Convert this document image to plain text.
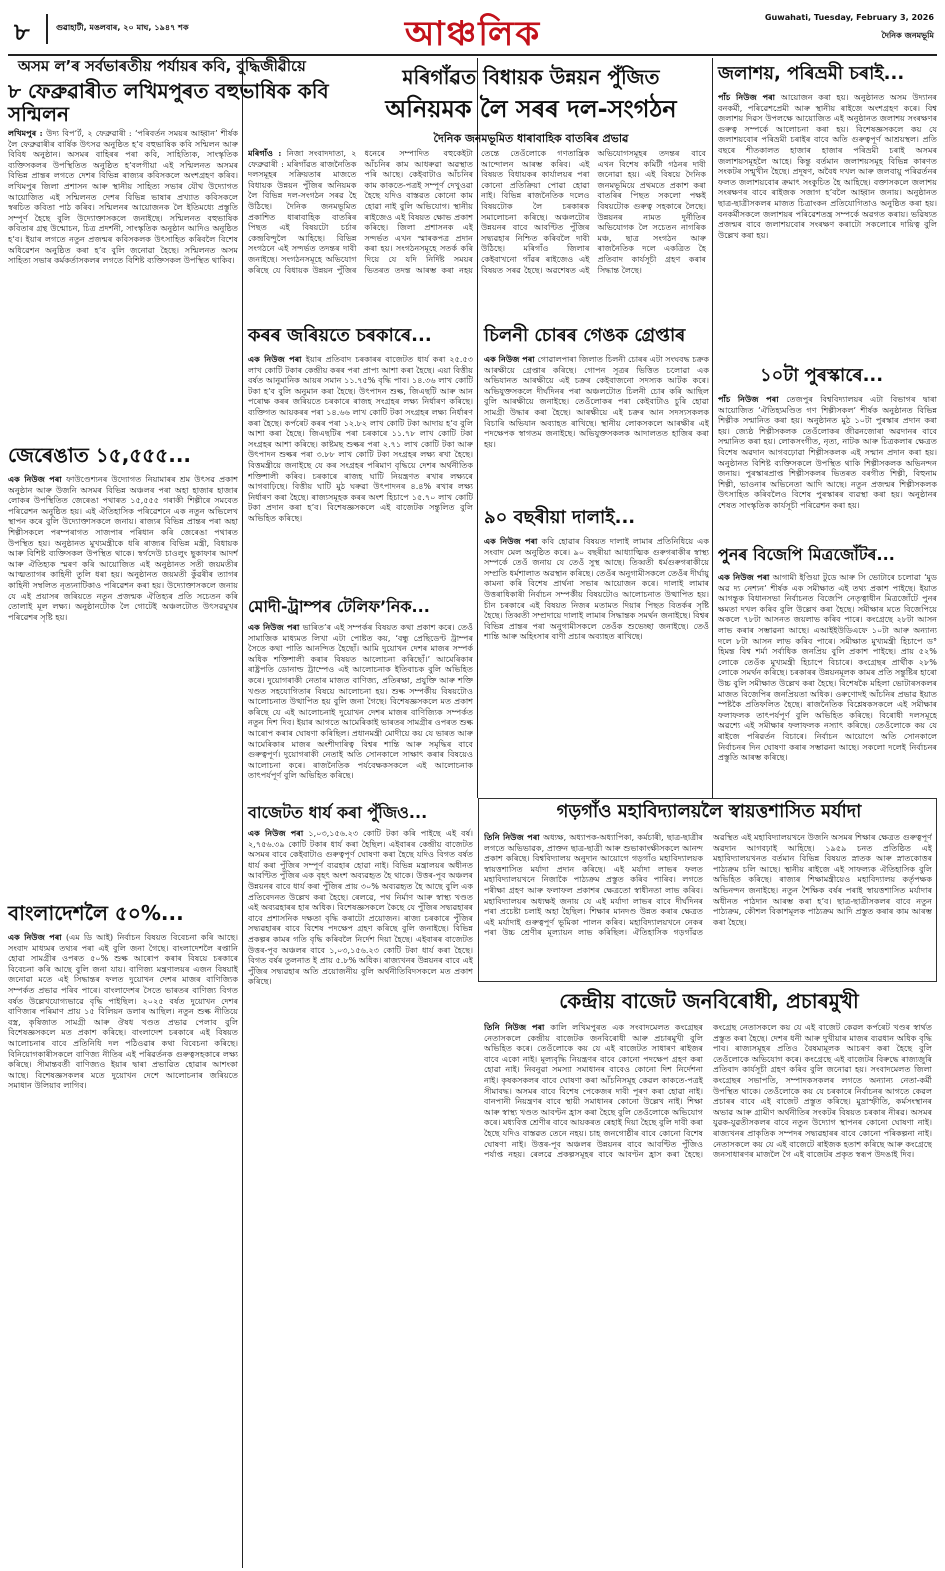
৮	গুৱাহাটী, মঙলবাৰ, ২০ মাঘ, ১৯৪৭ শক	আঞ্চলিক	Guwahati, Tuesday, February 3, 2026
দৈনিক জনমভূমি
অসম ল’ৰ সৰ্বভাৰতীয় পৰ্যায়ৰ কবি, বুদ্ধিজীৱীয়ে
৮ ফেব্ৰুৱাৰীত লখিমপুৰত বহুভাষিক কবি সন্মিলন
লখিমপুৰ : উদ্য বিপ’ৰ্ট, ২ ফেব্ৰুৱাৰী : ‘পৰিবৰ্তন সময়ৰ আহ্বান’ শীৰ্ষক লৈ ফেব্ৰুৱাৰীৰ বাৰ্ষিক উৎসৱ অনুষ্ঠিত হ’ব বহুভাষিক কবি সন্মিলন আৰু বিবিধ অনুষ্ঠান। অসমৰ বাহিৰৰ পৰা কবি, সাহিত্যিক, সাংস্কৃতিক ব্যক্তিসকলৰ উপস্থিতিত অনুষ্ঠিত হ’বলগীয়া এই সন্মিলনত অসমৰ বিভিন্ন প্ৰান্তৰ লগতে দেশৰ বিভিন্ন ৰাজ্যৰ কবিসকলে অংশগ্ৰহণ কৰিব। লখিমপুৰ জিলা প্ৰশাসন আৰু স্থানীয় সাহিত্য সভাৰ যৌথ উদ্যোগত আয়োজিত এই সন্মিলনত দেশৰ বিভিন্ন ভাষাৰ প্ৰখ্যাত কবিসকলে স্বৰচিত কবিতা পাঠ কৰিব। সন্মিলনৰ আয়োজনক লৈ ইতিমধ্যে প্ৰস্তুতি সম্পূৰ্ণ হৈছে বুলি উদ্যোক্তাসকলে জনাইছে। সন্মিলনত বহুভাষিক কবিতাৰ গ্ৰন্থ উন্মোচন, চিত্ৰ প্ৰদৰ্শনী, সাংস্কৃতিক অনুষ্ঠান আদিও অনুষ্ঠিত হ’ব। ইয়াৰ লগতে নতুন প্ৰজন্মৰ কবিসকলক উৎসাহিত কৰিবলৈ বিশেষ অধিৱেশন অনুষ্ঠিত কৰা হ’ব বুলি জনোৱা হৈছে। সন্মিলনত অসম সাহিত্য সভাৰ কৰ্মকৰ্তাসকলৰ লগতে বিশিষ্ট ব্যক্তিসকল উপস্থিত থাকিব।
জেৰেঙাত ১৫,৫৫৫...
এক নিউজ পৰা ফাউণ্ডেশ্যনৰ উদ্যোগত নিয়ামাৰৰ শ্ৰম উৎসৱ প্ৰকাশ অনুষ্ঠান আৰু উজনি অসমৰ বিভিন্ন অঞ্চলৰ পৰা অহা হাজাৰ হাজাৰ লোকৰ উপস্থিতিত জেৰেঙা পথাৰত ১৫,৫৫৫ গৰাকী শিল্পীৰে সমবেত পৰিৱেশন অনুষ্ঠিত হয়। এই ঐতিহাসিক পৰিৱেশনে এক নতুন অভিলেখ স্থাপন কৰে বুলি উদ্যোক্তাসকলে জনায়। ৰাজ্যৰ বিভিন্ন প্ৰান্তৰ পৰা অহা শিল্পীসকলে পৰম্পৰাগত সাজপাৰ পৰিধান কৰি জেৰেঙা পথাৰত উপস্থিত হয়। অনুষ্ঠানত মুখ্যমন্ত্ৰীকে ধৰি ৰাজ্যৰ বিভিন্ন মন্ত্ৰী, বিধায়ক আৰু বিশিষ্ট ব্যক্তিসকল উপস্থিত থাকে। স্বৰ্গদেউ চাওলুং ছুকাফাৰ আদৰ্শ আৰু ঐতিহ্যক স্মৰণ কৰি আয়োজিত এই অনুষ্ঠানত সতী জয়মতীৰ আত্মত্যাগৰ কাহিনী তুলি ধৰা হয়। অনুষ্ঠানত জয়মতী কুঁৱৰীৰ ত্যাগৰ কাহিনী সম্বলিত নৃত্যনাটিকাও পৰিৱেশন কৰা হয়। উদ্যোক্তাসকলে জনায় যে এই প্ৰয়াসৰ জৰিয়তে নতুন প্ৰজন্মক ঐতিহ্যৰ প্ৰতি সচেতন কৰি তোলাই মূল লক্ষ্য। অনুষ্ঠানটোক লৈ গোটেই অঞ্চলটোত উৎসৱমুখৰ পৰিৱেশৰ সৃষ্টি হয়।
বাংলাদেশলৈ ৫০%...
এক নিউজ পৰা (এম ডি আই) নিৰ্বাচন বিষয়ত বিবেচনা কৰি আছে। সংবাদ মাধ্যমৰ তথ্যৰ পৰা এই বুলি জনা গৈছে। বাংলাদেশলৈ ৰপ্তানি হোৱা সামগ্ৰীৰ ওপৰত ৫০% শুল্ক আৰোপ কৰাৰ বিষয়ে চৰকাৰে বিবেচনা কৰি আছে বুলি জনা যায়। বাণিজ্য মন্ত্ৰণালয়ৰ এজন বিষয়াই জনোৱা মতে এই সিদ্ধান্তৰ ফলত দুয়োখন দেশৰ মাজৰ বাণিজ্যিক সম্পৰ্কত প্ৰভাৱ পৰিব পাৰে। বাংলাদেশৰ সৈতে ভাৰতৰ বাণিজ্য বিগত বৰ্ষত উল্লেখযোগ্যভাৱে বৃদ্ধি পাইছিল। ২০২৫ বৰ্ষত দুয়োখন দেশৰ বাণিজ্যৰ পৰিমাণ প্ৰায় ১৫ বিলিয়ন ডলাৰ আছিল। নতুন শুল্ক নীতিয়ে বস্ত্ৰ, কৃষিজাত সামগ্ৰী আৰু ঔষধ খণ্ডত প্ৰভাৱ পেলাব বুলি বিশেষজ্ঞসকলে মত প্ৰকাশ কৰিছে। বাংলাদেশ চৰকাৰে এই বিষয়ত আলোচনাৰ বাবে প্ৰতিনিধি দল পঠিওৱাৰ কথা বিবেচনা কৰিছে। বিনিয়োগকাৰীসকলে বাণিজ্য নীতিৰ এই পৰিৱৰ্তনক গুৰুত্বসহকাৰে লক্ষ্য কৰিছে। সীমান্তবৰ্তী বাণিজ্যও ইয়াৰ দ্বাৰা প্ৰভাৱিত হোৱাৰ আশংকা আছে। বিশেষজ্ঞসকলৰ মতে দুয়োখন দেশে আলোচনাৰ জৰিয়তে সমাধান উলিয়াব লাগিব।
মৰিগাঁৱত বিধায়ক উন্নয়ন পুঁজিত
অনিয়মক লৈ সৰৰ দল-সংগঠন
দৈনিক জনমভূমিত ধাৰাবাহিক বাতৰিৰ প্ৰভাৱ
মৰিগাঁও : নিজা সংবাদদাতা, ২ ফেব্ৰুৱাৰী : মৰিগাঁৱত ৰাজনৈতিক দলসমূহৰ সক্ৰিয়তাৰ মাজতে বিধায়ক উন্নয়ন পুঁজিৰ অনিয়মক লৈ বিভিন্ন দল-সংগঠন সৰৱ হৈ উঠিছে। দৈনিক জনমভূমিত প্ৰকাশিত ধাৰাবাহিক বাতৰিৰ পিছত এই বিষয়টো চৰ্চাৰ কেন্দ্ৰবিন্দুলৈ আহিছে। বিভিন্ন সংগঠনে এই সন্দৰ্ভত তদন্তৰ দাবী জনাইছে। সংগঠনসমূহে অভিযোগ কৰিছে যে বিধায়ক উন্নয়ন পুঁজিৰ ধনেৰে সম্পাদিত বহুকেইটা আঁচনিৰ কাম আধৰুৱা অৱস্থাত পৰি আছে। কেইবাটাও আঁচনিৰ কাম কাকতে-পত্ৰই সম্পূৰ্ণ দেখুওৱা হৈছে যদিও বাস্তৱত কোনো কাম হোৱা নাই বুলি অভিযোগ। স্থানীয় ৰাইজেও এই বিষয়ত ক্ষোভ প্ৰকাশ কৰিছে। জিলা প্ৰশাসনক এই সন্দৰ্ভত এখন স্মাৰকপত্ৰ প্ৰদান কৰা হয়। সংগঠনসমূহে সতৰ্ক কৰি দিয়ে যে যদি নিৰ্দিষ্ট সময়ৰ ভিতৰত তদন্ত আৰম্ভ কৰা নহয় তেন্তে তেওঁলোকে গণতান্ত্ৰিক আন্দোলন আৰম্ভ কৰিব। এই বিষয়ত বিধায়কৰ কাৰ্যালয়ৰ পৰা কোনো প্ৰতিক্ৰিয়া পোৱা হোৱা নাই। বিভিন্ন ৰাজনৈতিক দলেও বিষয়টোক লৈ চৰকাৰক সমালোচনা কৰিছে। অঞ্চলটোৰ উন্নয়নৰ বাবে আবণ্টিত পুঁজিৰ সদ্ব্যৱহাৰ নিশ্চিত কৰিবলৈ দাবী উঠিছে। মৰিগাঁও জিলাৰ কেইবাখনো গাঁৱৰ ৰাইজেও এই বিষয়ত সৰৱ হৈছে। অৱশেষত এই অভিযোগসমূহৰ তদন্তৰ বাবে এখন বিশেষ কমিটী গঠনৰ দাবী জনোৱা হয়। এই বিষয়ে দৈনিক জনমভূমিয়ে প্ৰথমতে প্ৰকাশ কৰা বাতৰিৰ পিছত সকলো পক্ষই বিষয়টোক গুৰুত্ব সহকাৰে লৈছে। উন্নয়নৰ নামত দুৰ্নীতিৰ অভিযোগক লৈ সচেতন নাগৰিক মঞ্চ, ছাত্ৰ সংগঠন আৰু ৰাজনৈতিক দলে একত্ৰিত হৈ প্ৰতিবাদ কাৰ্যসূচী গ্ৰহণ কৰাৰ সিদ্ধান্ত লৈছে।
কৰৰ জৰিয়তে চৰকাৰে...
এক নিউজ পৰা ইয়াৰ প্ৰতিবাদ চৰকাৰৰ বাজেটত ধাৰ্য কৰা ২৫.৫৩ লাখ কোটি টকাৰ কেন্দ্ৰীয় কৰৰ পৰা প্ৰাপ্য আশা কৰা হৈছে। এয়া বিত্তীয় বৰ্ষত আনুমানিক আয়ৰ সমান ১১.৭৫% বৃদ্ধি পাব। ১৪.৩৬ লাখ কোটি টকা হ’ব বুলি অনুমান কৰা হৈছে। উৎপাদন শুল্ক, জিএছটি আৰু আন পৰোক্ষ কৰৰ জৰিয়তে চৰকাৰে ৰাজহ সংগ্ৰহৰ লক্ষ্য নিৰ্ধাৰণ কৰিছে। ব্যক্তিগত আয়কৰৰ পৰা ১৪.৬৬ লাখ কোটি টকা সংগ্ৰহৰ লক্ষ্য নিৰ্ধাৰণ কৰা হৈছে। কৰ্পৰেট কৰৰ পৰা ১২.৮২ লাখ কোটি টকা আদায় হ’ব বুলি আশা কৰা হৈছে। জিএছটিৰ পৰা চৰকাৰে ১১.৭৮ লাখ কোটি টকা সংগ্ৰহৰ আশা কৰিছে। কাষ্টমছ শুল্কৰ পৰা ২.৭১ লাখ কোটি টকা আৰু উৎপাদন শুল্কৰ পৰা ৩.৮৮ লাখ কোটি টকা সংগ্ৰহৰ লক্ষ্য ৰখা হৈছে। বিত্তমন্ত্ৰীয়ে জনাইছে যে কৰ সংগ্ৰহৰ পৰিমাণ বৃদ্ধিয়ে দেশৰ অৰ্থনীতিক শক্তিশালী কৰিব। চৰকাৰে ৰাজহ ঘাটি নিয়ন্ত্ৰণত ৰখাৰ লক্ষ্যৰে আগবাঢ়িছে। বিত্তীয় ঘাটি মুঠ ঘৰুৱা উৎপাদনৰ ৪.৪% ৰখাৰ লক্ষ্য নিৰ্ধাৰণ কৰা হৈছে। ৰাজ্যসমূহক কৰৰ অংশ হিচাপে ১৫.৭০ লাখ কোটি টকা প্ৰদান কৰা হ’ব। বিশেষজ্ঞসকলে এই বাজেটক সন্তুলিত বুলি অভিহিত কৰিছে।
মোদী-ট্ৰাম্পৰ টেলিফ’নিক...
এক নিউজ পৰা ভাৰিত’ৰ এই সম্পৰ্কৰ বিষয়ত কথা প্ৰকাশ কৰে। তেওঁ সামাজিক মাধ্যমত লিখা এটা পোষ্টত কয়, ‘বন্ধু প্ৰেছিডেণ্ট ট্ৰাম্পৰ সৈতে কথা পাতি আনন্দিত হৈছোঁ। আমি দুয়োখন দেশৰ মাজৰ সম্পৰ্ক অধিক শক্তিশালী কৰাৰ বিষয়ত আলোচনা কৰিছোঁ।’ আমেৰিকাৰ ৰাষ্ট্ৰপতি ডোনাল্ড ট্ৰাম্পেও এই আলোচনাক ইতিবাচক বুলি অভিহিত কৰে। দুয়োগৰাকী নেতাৰ মাজত বাণিজ্য, প্ৰতিৰক্ষা, প্ৰযুক্তি আৰু শক্তি খণ্ডত সহযোগিতাৰ বিষয়ে আলোচনা হয়। শুল্ক সম্পৰ্কীয় বিষয়টোও আলোচনাত উত্থাপিত হয় বুলি জনা গৈছে। বিশেষজ্ঞসকলে মত প্ৰকাশ কৰিছে যে এই আলোচনাই দুয়োখন দেশৰ মাজৰ বাণিজ্যিক সম্পৰ্কত নতুন দিশ দিব। ইয়াৰ আগতে আমেৰিকাই ভাৰতৰ সামগ্ৰীৰ ওপৰত শুল্ক আৰোপ কৰাৰ ঘোষণা কৰিছিল। প্ৰধানমন্ত্ৰী মোদীয়ে কয় যে ভাৰত আৰু আমেৰিকাৰ মাজৰ অংশীদাৰিত্ব বিশ্বৰ শান্তি আৰু সমৃদ্ধিৰ বাবে গুৰুত্বপূৰ্ণ। দুয়োগৰাকী নেতাই অতি সোনকালে সাক্ষাৎ কৰাৰ বিষয়েও আলোচনা কৰে। ৰাজনৈতিক পৰ্যবেক্ষকসকলে এই আলোচনাক তাৎপৰ্যপূৰ্ণ বুলি অভিহিত কৰিছে।
বাজেটত ধাৰ্য কৰা পুঁজিও...
এক নিউজ পৰা ১,০৩,১৫৬.২৩ কোটি টকা কৰি পাইছে এই বৰ্ষ। ২,৭৫৬.৩৯ কোটি টকাৰ ধাৰ্য কৰা হৈছিল। এইবাৰৰ কেন্দ্ৰীয় বাজেটত অসমৰ বাবে কেইবাটাও গুৰুত্বপূৰ্ণ ঘোষণা কৰা হৈছে যদিও বিগত বৰ্ষত ধাৰ্য কৰা পুঁজিৰ সম্পূৰ্ণ ব্যৱহাৰ হোৱা নাই। বিভিন্ন মন্ত্ৰালয়ৰ অধীনত আবণ্টিত পুঁজিৰ এক বৃহৎ অংশ অব্যৱহৃত হৈ থাকে। উত্তৰ-পূব অঞ্চলৰ উন্নয়নৰ বাবে ধাৰ্য কৰা পুঁজিৰ প্ৰায় ৩০% অব্যৱহৃত হৈ আছে বুলি এক প্ৰতিবেদনত উল্লেখ কৰা হৈছে। ৰেলৱে, পথ নিৰ্মাণ আৰু স্বাস্থ্য খণ্ডত এই অব্যৱহাৰৰ হাৰ অধিক। বিশেষজ্ঞসকলে কৈছে যে পুঁজিৰ সদ্ব্যৱহাৰৰ বাবে প্ৰশাসনিক দক্ষতা বৃদ্ধি কৰাটো প্ৰয়োজন। ৰাজ্য চৰকাৰে পুঁজিৰ সদ্ব্যৱহাৰৰ বাবে বিশেষ পদক্ষেপ গ্ৰহণ কৰিছে বুলি জনাইছে। বিভিন্ন প্ৰকল্পৰ কামৰ গতি বৃদ্ধি কৰিবলৈ নিৰ্দেশ দিয়া হৈছে। এইবাৰৰ বাজেটত উত্তৰ-পূব অঞ্চলৰ বাবে ১,০৩,১৫৬.২৩ কোটি টকা ধাৰ্য কৰা হৈছে। বিগত বৰ্ষৰ তুলনাত ই প্ৰায় ৫.৮% অধিক। ৰাজ্যখনৰ উন্নয়নৰ বাবে এই পুঁজিৰ সদ্ব্যৱহাৰ অতি প্ৰয়োজনীয় বুলি অৰ্থনীতিবিদসকলে মত প্ৰকাশ কৰিছে।
চিলনী চোৰৰ গেঙক গ্ৰেপ্তাৰ
এক নিউজ পৰা গোৱালপাৰা জিলাত চিলনী চোৰৰ এটা সংঘবদ্ধ চক্ৰক আৰক্ষীয়ে গ্ৰেপ্তাৰ কৰিছে। গোপন সূত্ৰৰ ভিত্তিত চলোৱা এক অভিযানত আৰক্ষীয়ে এই চক্ৰৰ কেইবাজনো সদস্যক আটক কৰে। অভিযুক্তসকলে দীৰ্ঘদিনৰ পৰা অঞ্চলটোত চিলনী চোৰ কৰি আছিল বুলি আৰক্ষীয়ে জনাইছে। তেওঁলোকৰ পৰা কেইবাটাও চুৰি হোৱা সামগ্ৰী উদ্ধাৰ কৰা হৈছে। আৰক্ষীয়ে এই চক্ৰৰ আন সদস্যসকলক বিচাৰি অভিযান অব্যাহত ৰাখিছে। স্থানীয় লোকসকলে আৰক্ষীৰ এই পদক্ষেপক স্বাগতম জনাইছে। অভিযুক্তসকলক আদালতত হাজিৰ কৰা হয়।
৯০ বছৰীয়া দালাই...
এক নিউজ পৰা কবি হোৱাৰ বিষয়ত দালাই লামাৰ প্ৰতিনিধিয়ে এক সংবাদ মেল অনুষ্ঠিত কৰে। ৯০ বছৰীয়া আধ্যাত্মিক গুৰুগৰাকীৰ স্বাস্থ্য সম্পৰ্কে তেওঁ জনায় যে তেওঁ সুস্থ আছে। তিব্বতী ধৰ্মগুৰুগৰাকীয়ে সম্প্ৰতি ধৰ্মশালাত অৱস্থান কৰিছে। তেওঁৰ অনুগামীসকলে তেওঁৰ দীৰ্ঘায়ু কামনা কৰি বিশেষ প্ৰাৰ্থনা সভাৰ আয়োজন কৰে। দালাই লামাৰ উত্তৰাধিকাৰী নিৰ্বাচন সম্পৰ্কীয় বিষয়টোও আলোচনাত উত্থাপিত হয়। চীন চৰকাৰে এই বিষয়ত নিজৰ মতামত দিয়াৰ পিছত বিতৰ্কৰ সৃষ্টি হৈছে। তিব্বতী সম্প্ৰদায়ে দালাই লামাৰ সিদ্ধান্তক সমৰ্থন জনাইছে। বিশ্বৰ বিভিন্ন প্ৰান্তৰ পৰা অনুগামীসকলে তেওঁক শুভেচ্ছা জনাইছে। তেওঁ শান্তি আৰু অহিংসাৰ বাণী প্ৰচাৰ অব্যাহত ৰাখিছে।
জলাশয়, পৰিভ্ৰমী চৰাই...
পাঁচ নিউজ পৰা আয়োজন কৰা হয়। অনুষ্ঠানত অসম উদ্যানৰ বনকৰ্মী, পৰিৱেশপ্ৰেমী আৰু স্থানীয় ৰাইজে অংশগ্ৰহণ কৰে। বিশ্ব জলাশয় দিৱস উপলক্ষে আয়োজিত এই অনুষ্ঠানত জলাশয় সংৰক্ষণৰ গুৰুত্ব সম্পৰ্কে আলোচনা কৰা হয়। বিশেষজ্ঞসকলে কয় যে জলাশয়বোৰ পৰিভ্ৰমী চৰাইৰ বাবে অতি গুৰুত্বপূৰ্ণ আশ্ৰয়স্থল। প্ৰতি বছৰে শীতকালত হাজাৰ হাজাৰ পৰিভ্ৰমী চৰাই অসমৰ জলাশয়সমূহলৈ আহে। কিন্তু বৰ্তমান জলাশয়সমূহ বিভিন্ন কাৰণত সংকটৰ সন্মুখীন হৈছে। প্ৰদূষণ, অবৈধ দখল আৰু জলবায়ু পৰিৱৰ্তনৰ ফলত জলাশয়বোৰ ক্ৰমাৎ সংকুচিত হৈ আহিছে। বক্তাসকলে জলাশয় সংৰক্ষণৰ বাবে ৰাইজক সজাগ হ’বলৈ আহ্বান জনায়। অনুষ্ঠানত ছাত্ৰ-ছাত্ৰীসকলৰ মাজত চিত্ৰাংকন প্ৰতিযোগিতাও অনুষ্ঠিত কৰা হয়। বনকৰ্মীসকলে জলাশয়ৰ পৰিৱেশতন্ত্ৰ সম্পৰ্কে অৱগত কৰায়। ভৱিষ্যত প্ৰজন্মৰ বাবে জলাশয়বোৰ সংৰক্ষণ কৰাটো সকলোৰে দায়িত্ব বুলি উল্লেখ কৰা হয়।
১০টা পুৰস্কাৰে...
পাঁচ নিউজ পৰা তেজপুৰ বিশ্ববিদ্যালয়ৰ এটা বিভাগৰ দ্বাৰা আয়োজিত ‘ঐতিহ্যমণ্ডিত গণ শিল্পীসকল’ শীৰ্ষক অনুষ্ঠানত বিভিন্ন শিল্পীক সন্মানিত কৰা হয়। অনুষ্ঠানত মুঠ ১০টা পুৰস্কাৰ প্ৰদান কৰা হয়। জ্যেষ্ঠ শিল্পীসকলক তেওঁলোকৰ জীৱনজোৰা অৱদানৰ বাবে সন্মানিত কৰা হয়। লোকসংগীত, নৃত্য, নাটক আৰু চিত্ৰকলাৰ ক্ষেত্ৰত বিশেষ অৱদান আগবঢ়োৱা শিল্পীসকলক এই সন্মান প্ৰদান কৰা হয়। অনুষ্ঠানত বিশিষ্ট ব্যক্তিসকলে উপস্থিত থাকি শিল্পীসকলক অভিনন্দন জনায়। পুৰস্কাৰপ্ৰাপ্ত শিল্পীসকলৰ ভিতৰত বৰগীত শিল্পী, বিহুনাম শিল্পী, ভাওনাৰ অভিনেতা আদি আছে। নতুন প্ৰজন্মৰ শিল্পীসকলক উৎসাহিত কৰিবলৈও বিশেষ পুৰস্কাৰৰ ব্যৱস্থা কৰা হয়। অনুষ্ঠানৰ শেষত সাংস্কৃতিক কাৰ্যসূচী পৰিৱেশন কৰা হয়।
পুনৰ বিজেপি মিত্ৰজোঁটৰ...
এক নিউজ পৰা আগামী ইণ্ডিয়া টুডে আৰু সি ভোটাৰে চলোৱা ‘মুড অৱ দ্য নেশ্যন’ শীৰ্ষক এক সমীক্ষাত এই তথ্য প্ৰকাশ পাইছে। ইয়াত আগন্তুক বিধানসভা নিৰ্বাচনত বিজেপি নেতৃত্বাধীন মিত্ৰজোঁটে পুনৰ ক্ষমতা দখল কৰিব বুলি উল্লেখ কৰা হৈছে। সমীক্ষাৰ মতে বিজেপিয়ে অকলে ৭৮টা আসনত জয়লাভ কৰিব পাৰে। কংগ্ৰেছে ২৮টা আসন লাভ কৰাৰ সম্ভাৱনা আছে। এআইইউডিএফে ১০টা আৰু অন্যান্য দলে ৮টা আসন লাভ কৰিব পাৰে। সমীক্ষাত মুখ্যমন্ত্ৰী হিচাপে ড° হিমন্ত বিশ্ব শৰ্মা সৰ্বাধিক জনপ্ৰিয় বুলি প্ৰকাশ পাইছে। প্ৰায় ৫২% লোকে তেওঁক মুখ্যমন্ত্ৰী হিচাপে বিচাৰে। কংগ্ৰেছৰ প্ৰাৰ্থীক ২৮% লোকে সমৰ্থন কৰিছে। চৰকাৰৰ উন্নয়নমূলক কামৰ প্ৰতি সন্তুষ্টিৰ হাৰো উচ্চ বুলি সমীক্ষাত উল্লেখ কৰা হৈছে। বিশেষকৈ মহিলা ভোটাৰসকলৰ মাজত বিজেপিৰ জনপ্ৰিয়তা অধিক। ওৰুণোদই আঁচনিৰ প্ৰভাৱ ইয়াত স্পষ্টকৈ প্ৰতিফলিত হৈছে। ৰাজনৈতিক বিশ্লেষকসকলে এই সমীক্ষাৰ ফলাফলক তাৎপৰ্যপূৰ্ণ বুলি অভিহিত কৰিছে। বিৰোধী দলসমূহে অৱশ্যে এই সমীক্ষাৰ ফলাফলক নস্যাৎ কৰিছে। তেওঁলোকে কয় যে ৰাইজে পৰিৱৰ্তন বিচাৰে। নিৰ্বাচন আয়োগে অতি সোনকালে নিৰ্বাচনৰ দিন ঘোষণা কৰাৰ সম্ভাৱনা আছে। সকলো দলেই নিৰ্বাচনৰ প্ৰস্তুতি আৰম্ভ কৰিছে।
গড়গাঁও মহাবিদ্যালয়লৈ স্বায়ত্তশাসিত মৰ্যাদা
তিনি নিউজ পৰা অধ্যক্ষ, অধ্যাপক-অধ্যাপিকা, কৰ্মচাৰী, ছাত্ৰ-ছাত্ৰীৰ লগতে অভিভাৱক, প্ৰাক্তন ছাত্ৰ-ছাত্ৰী আৰু শুভাকাংক্ষীসকলে আনন্দ প্ৰকাশ কৰিছে। বিশ্ববিদ্যালয় অনুদান আয়োগে গড়গাঁও মহাবিদ্যালয়ক স্বায়ত্তশাসিত মৰ্যাদা প্ৰদান কৰিছে। এই মৰ্যাদা লাভৰ ফলত মহাবিদ্যালয়খনে নিজাকৈ পাঠ্যক্ৰম প্ৰস্তুত কৰিব পাৰিব। লগতে পৰীক্ষা গ্ৰহণ আৰু ফলাফল প্ৰকাশৰ ক্ষেত্ৰতো স্বাধীনতা লাভ কৰিব। মহাবিদ্যালয়ৰ অধ্যক্ষই জনায় যে এই মৰ্যাদা লাভৰ বাবে দীৰ্ঘদিনৰ পৰা প্ৰচেষ্টা চলাই অহা হৈছিল। শিক্ষাৰ মানদণ্ড উন্নত কৰাৰ ক্ষেত্ৰত এই মৰ্যাদাই গুৰুত্বপূৰ্ণ ভূমিকা পালন কৰিব। মহাবিদ্যালয়খনে নেকৰ পৰা উচ্চ শ্ৰেণীৰ মূল্যায়ন লাভ কৰিছিল। ঐতিহাসিক গড়গাঁৱত অৱস্থিত এই মহাবিদ্যালয়খনে উজনি অসমৰ শিক্ষাৰ ক্ষেত্ৰত গুৰুত্বপূৰ্ণ অৱদান আগবঢ়াই আহিছে। ১৯৫৯ চনত প্ৰতিষ্ঠিত এই মহাবিদ্যালয়খনত বৰ্তমান বিভিন্ন বিষয়ত স্নাতক আৰু স্নাতকোত্তৰ পাঠ্যক্ৰম চলি আছে। স্থানীয় ৰাইজে এই সাফল্যক ঐতিহাসিক বুলি অভিহিত কৰিছে। ৰাজ্যৰ শিক্ষামন্ত্ৰীয়েও মহাবিদ্যালয় কৰ্তৃপক্ষক অভিনন্দন জনাইছে। নতুন শৈক্ষিক বৰ্ষৰ পৰাই স্বায়ত্তশাসিত মৰ্যাদাৰ অধীনত পাঠদান আৰম্ভ কৰা হ’ব। ছাত্ৰ-ছাত্ৰীসকলৰ বাবে নতুন পাঠ্যক্ৰম, কৌশল বিকাশমূলক পাঠ্যক্ৰম আদি প্ৰস্তুত কৰাৰ কাম আৰম্ভ কৰা হৈছে।
কেন্দ্ৰীয় বাজেট জনবিৰোধী, প্ৰচাৰমুখী
তিনি নিউজ পৰা কালি লখিমপুৰত এক সংবাদমেলত কংগ্ৰেছৰ নেতাসকলে কেন্দ্ৰীয় বাজেটক জনবিৰোধী আৰু প্ৰচাৰমুখী বুলি অভিহিত কৰে। তেওঁলোকে কয় যে এই বাজেটত সাধাৰণ ৰাইজৰ বাবে একো নাই। মূল্যবৃদ্ধি নিয়ন্ত্ৰণৰ বাবে কোনো পদক্ষেপ গ্ৰহণ কৰা হোৱা নাই। নিবনুৱা সমস্যা সমাধানৰ বাবেও কোনো দিশ নিৰ্দেশনা নাই। কৃষকসকলৰ বাবে ঘোষণা কৰা আঁচনিসমূহ কেৱল কাকতে-পত্ৰই সীমাবদ্ধ। অসমৰ বাবে বিশেষ পেকেজৰ দাবী পূৰণ কৰা হোৱা নাই। বানপানী নিয়ন্ত্ৰণৰ বাবে স্থায়ী সমাধানৰ কোনো উল্লেখ নাই। শিক্ষা আৰু স্বাস্থ্য খণ্ডত আবণ্টন হ্ৰাস কৰা হৈছে বুলি তেওঁলোকে অভিযোগ কৰে। মধ্যবিত্ত শ্ৰেণীৰ বাবে আয়কৰত ৰেহাই দিয়া হৈছে বুলি দাবী কৰা হৈছে যদিও বাস্তৱত তেনে নহয়। চাহ জনগোষ্ঠীৰ বাবে কোনো বিশেষ ঘোষণা নাই। উত্তৰ-পূব অঞ্চলৰ উন্নয়নৰ বাবে আবণ্টিত পুঁজিও পৰ্যাপ্ত নহয়। ৰেলৱে প্ৰকল্পসমূহৰ বাবে আবণ্টন হ্ৰাস কৰা হৈছে। কংগ্ৰেছ নেতাসকলে কয় যে এই বাজেট কেৱল কৰ্পৰেট খণ্ডৰ স্বাৰ্থত প্ৰস্তুত কৰা হৈছে। দেশৰ ধনী আৰু দুখীয়াৰ মাজৰ ব্যৱধান অধিক বৃদ্ধি পাব। ৰাজ্যসমূহৰ প্ৰতিও বৈষম্যমূলক আচৰণ কৰা হৈছে বুলি তেওঁলোকে অভিযোগ কৰে। কংগ্ৰেছে এই বাজেটৰ বিৰুদ্ধে ৰাজ্যজুৰি প্ৰতিবাদ কাৰ্যসূচী গ্ৰহণ কৰিব বুলি জনোৱা হয়। সংবাদমেলত জিলা কংগ্ৰেছৰ সভাপতি, সম্পাদকসকলৰ লগতে অন্যান্য নেতা-কৰ্মী উপস্থিত থাকে। তেওঁলোকে কয় যে চৰকাৰে নিৰ্বাচনৰ আগতে কেৱল প্ৰচাৰৰ বাবে এই বাজেট প্ৰস্তুত কৰিছে। মুদ্ৰাস্ফীতি, কৰ্মসংস্থানৰ অভাৱ আৰু গ্ৰামীণ অৰ্থনীতিৰ সংকটৰ বিষয়ত চৰকাৰ নীৰৱ। অসমৰ যুৱক-যুৱতীসকলৰ বাবে নতুন উদ্যোগ স্থাপনৰ কোনো ঘোষণা নাই। ৰাজ্যখনৰ প্ৰাকৃতিক সম্পদৰ সদ্ব্যৱহাৰৰ বাবে কোনো পৰিকল্পনা নাই। নেতাসকলে কয় যে এই বাজেটে ৰাইজক হতাশ কৰিছে আৰু কংগ্ৰেছে জনসাধাৰণৰ মাজলৈ গৈ এই বাজেটৰ প্ৰকৃত স্বৰূপ উদঙাই দিব।
